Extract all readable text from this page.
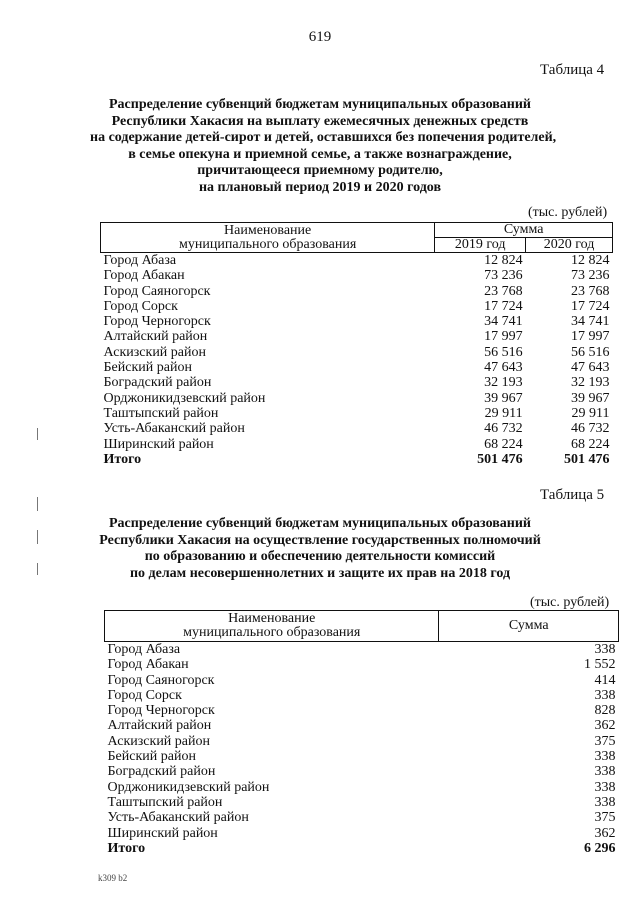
619
Таблица 4
Распределение субвенций бюджетам муниципальных образований
Республики Хакасия на выплату ежемесячных денежных средств
на содержание детей-сирот и детей, оставшихся без попечения родителей,
в семье опекуна и приемной семье, а также вознаграждение,
причитающееся приемному родителю,
на плановый период 2019 и 2020 годов
(тыс. рублей)
Наименование
муниципального образования	Сумма	
	2019 год	2020 год
Город Абаза	12 824	12 824
Город Абакан	73 236	73 236
Город Саяногорск	23 768	23 768
Город Сорск	17 724	17 724
Город Черногорск	34 741	34 741
Алтайский район	17 997	17 997
Аскизский район	56 516	56 516
Бейский район	47 643	47 643
Боградский район	32 193	32 193
Орджоникидзевский район	39 967	39 967
Таштыпский район	29 911	29 911
Усть-Абаканский район	46 732	46 732
Ширинский район	68 224	68 224
Итого	501 476	501 476
Таблица 5
Распределение субвенций бюджетам муниципальных образований
Республики Хакасия на осуществление государственных полномочий
по образованию и обеспечению деятельности комиссий
по делам несовершеннолетних и защите их прав на 2018 год
(тыс. рублей)
Наименование
муниципального образования	Сумма
Город Абаза	338
Город Абакан	1 552
Город Саяногорск	414
Город Сорск	338
Город Черногорск	828
Алтайский район	362
Аскизский район	375
Бейский район	338
Боградский район	338
Орджоникидзевский район	338
Таштыпский район	338
Усть-Абаканский район	375
Ширинский район	362
Итого	6 296
k309 b2
